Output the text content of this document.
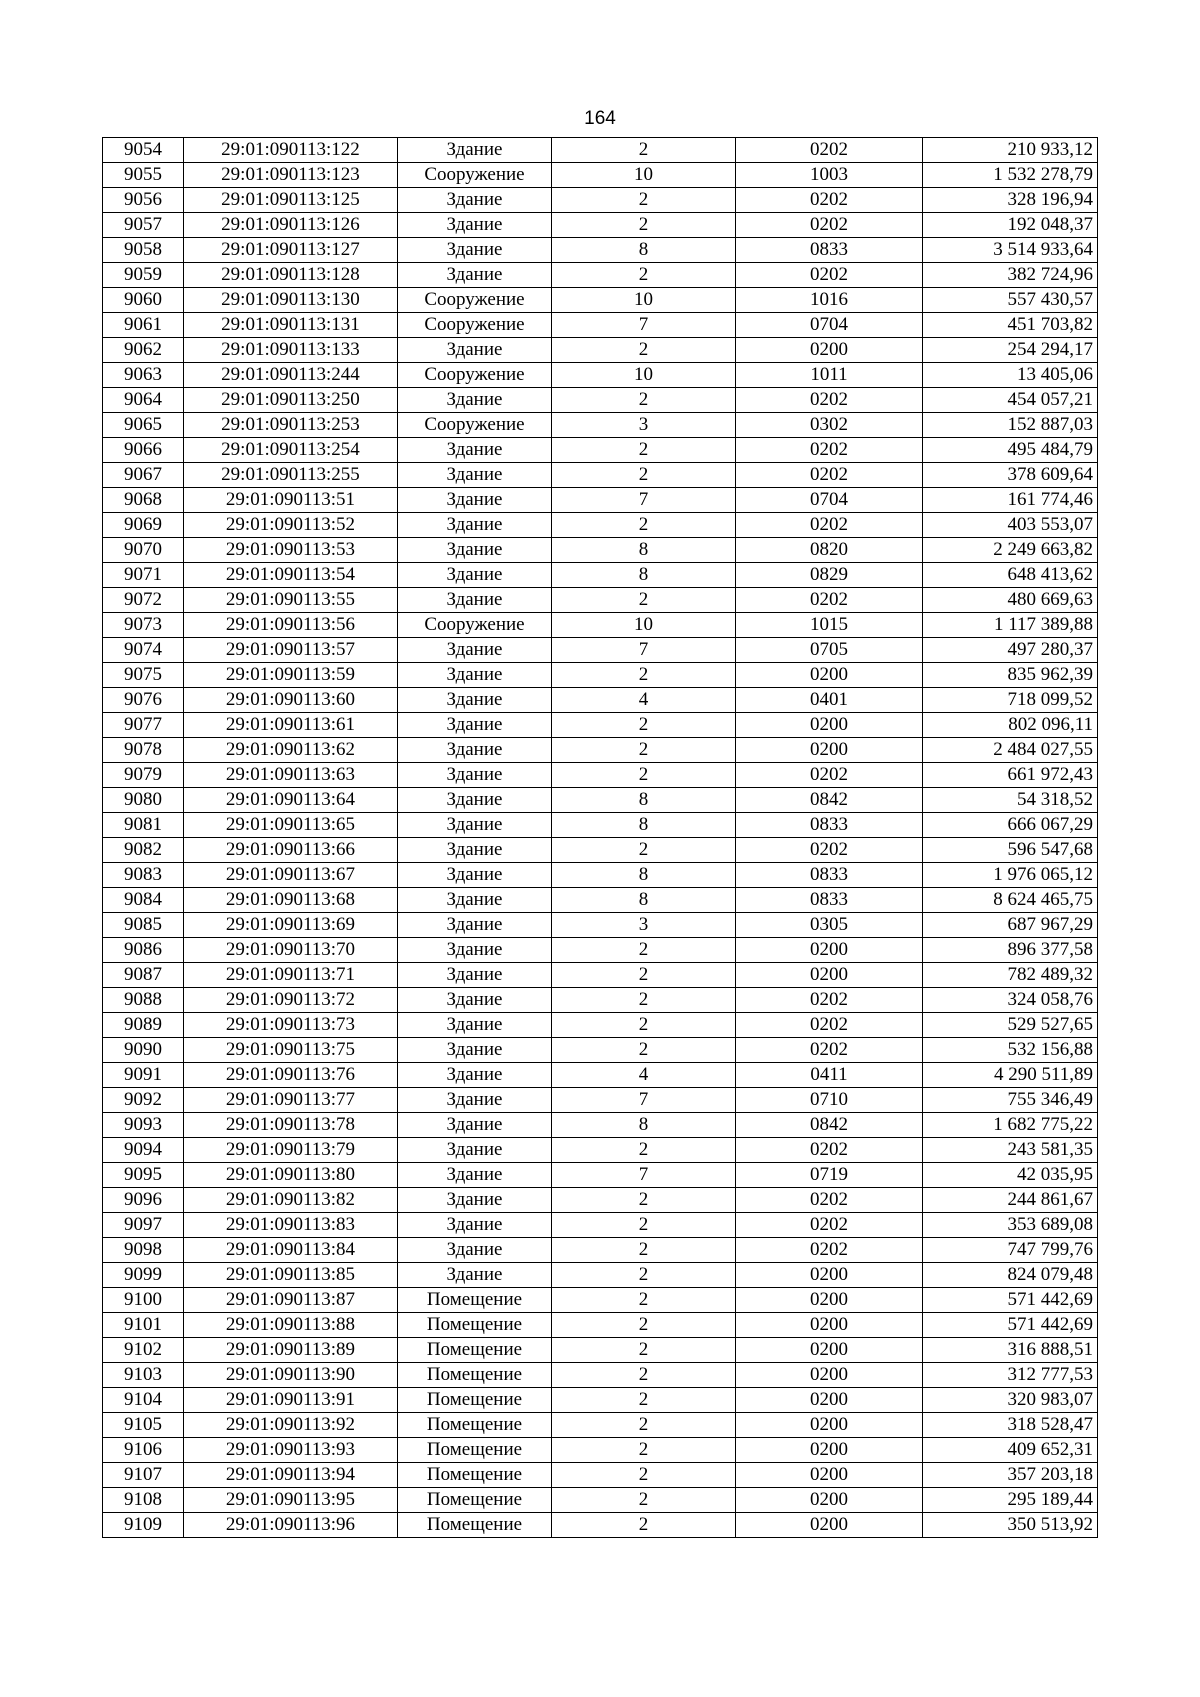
164
9054	29:01:090113:122	Здание	2	0202	210 933,12
9055	29:01:090113:123	Сооружение	10	1003	1 532 278,79
9056	29:01:090113:125	Здание	2	0202	328 196,94
9057	29:01:090113:126	Здание	2	0202	192 048,37
9058	29:01:090113:127	Здание	8	0833	3 514 933,64
9059	29:01:090113:128	Здание	2	0202	382 724,96
9060	29:01:090113:130	Сооружение	10	1016	557 430,57
9061	29:01:090113:131	Сооружение	7	0704	451 703,82
9062	29:01:090113:133	Здание	2	0200	254 294,17
9063	29:01:090113:244	Сооружение	10	1011	13 405,06
9064	29:01:090113:250	Здание	2	0202	454 057,21
9065	29:01:090113:253	Сооружение	3	0302	152 887,03
9066	29:01:090113:254	Здание	2	0202	495 484,79
9067	29:01:090113:255	Здание	2	0202	378 609,64
9068	29:01:090113:51	Здание	7	0704	161 774,46
9069	29:01:090113:52	Здание	2	0202	403 553,07
9070	29:01:090113:53	Здание	8	0820	2 249 663,82
9071	29:01:090113:54	Здание	8	0829	648 413,62
9072	29:01:090113:55	Здание	2	0202	480 669,63
9073	29:01:090113:56	Сооружение	10	1015	1 117 389,88
9074	29:01:090113:57	Здание	7	0705	497 280,37
9075	29:01:090113:59	Здание	2	0200	835 962,39
9076	29:01:090113:60	Здание	4	0401	718 099,52
9077	29:01:090113:61	Здание	2	0200	802 096,11
9078	29:01:090113:62	Здание	2	0200	2 484 027,55
9079	29:01:090113:63	Здание	2	0202	661 972,43
9080	29:01:090113:64	Здание	8	0842	54 318,52
9081	29:01:090113:65	Здание	8	0833	666 067,29
9082	29:01:090113:66	Здание	2	0202	596 547,68
9083	29:01:090113:67	Здание	8	0833	1 976 065,12
9084	29:01:090113:68	Здание	8	0833	8 624 465,75
9085	29:01:090113:69	Здание	3	0305	687 967,29
9086	29:01:090113:70	Здание	2	0200	896 377,58
9087	29:01:090113:71	Здание	2	0200	782 489,32
9088	29:01:090113:72	Здание	2	0202	324 058,76
9089	29:01:090113:73	Здание	2	0202	529 527,65
9090	29:01:090113:75	Здание	2	0202	532 156,88
9091	29:01:090113:76	Здание	4	0411	4 290 511,89
9092	29:01:090113:77	Здание	7	0710	755 346,49
9093	29:01:090113:78	Здание	8	0842	1 682 775,22
9094	29:01:090113:79	Здание	2	0202	243 581,35
9095	29:01:090113:80	Здание	7	0719	42 035,95
9096	29:01:090113:82	Здание	2	0202	244 861,67
9097	29:01:090113:83	Здание	2	0202	353 689,08
9098	29:01:090113:84	Здание	2	0202	747 799,76
9099	29:01:090113:85	Здание	2	0200	824 079,48
9100	29:01:090113:87	Помещение	2	0200	571 442,69
9101	29:01:090113:88	Помещение	2	0200	571 442,69
9102	29:01:090113:89	Помещение	2	0200	316 888,51
9103	29:01:090113:90	Помещение	2	0200	312 777,53
9104	29:01:090113:91	Помещение	2	0200	320 983,07
9105	29:01:090113:92	Помещение	2	0200	318 528,47
9106	29:01:090113:93	Помещение	2	0200	409 652,31
9107	29:01:090113:94	Помещение	2	0200	357 203,18
9108	29:01:090113:95	Помещение	2	0200	295 189,44
9109	29:01:090113:96	Помещение	2	0200	350 513,92
